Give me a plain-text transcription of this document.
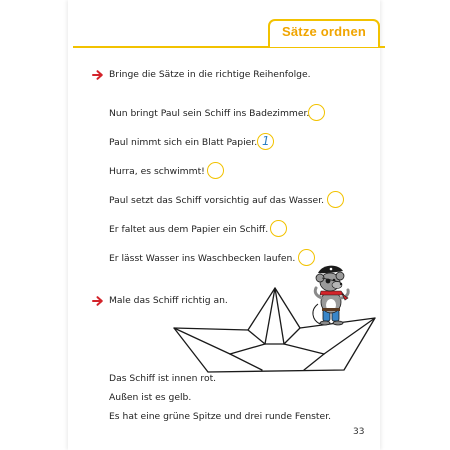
Sätze ordnen
Bringe die Sätze in die richtige Reihenfolge.
Nun bringt Paul sein Schiff ins Badezimmer.
Paul nimmt sich ein Blatt Papier. 1
Hurra, es schwimmt!
Paul setzt das Schiff vorsichtig auf das Wasser.
Er faltet aus dem Papier ein Schiff.
Er lässt Wasser ins Waschbecken laufen.
Male das Schiff richtig an.
Das Schiff ist innen rot.
Außen ist es gelb.
Es hat eine grüne Spitze und drei runde Fenster.
33
